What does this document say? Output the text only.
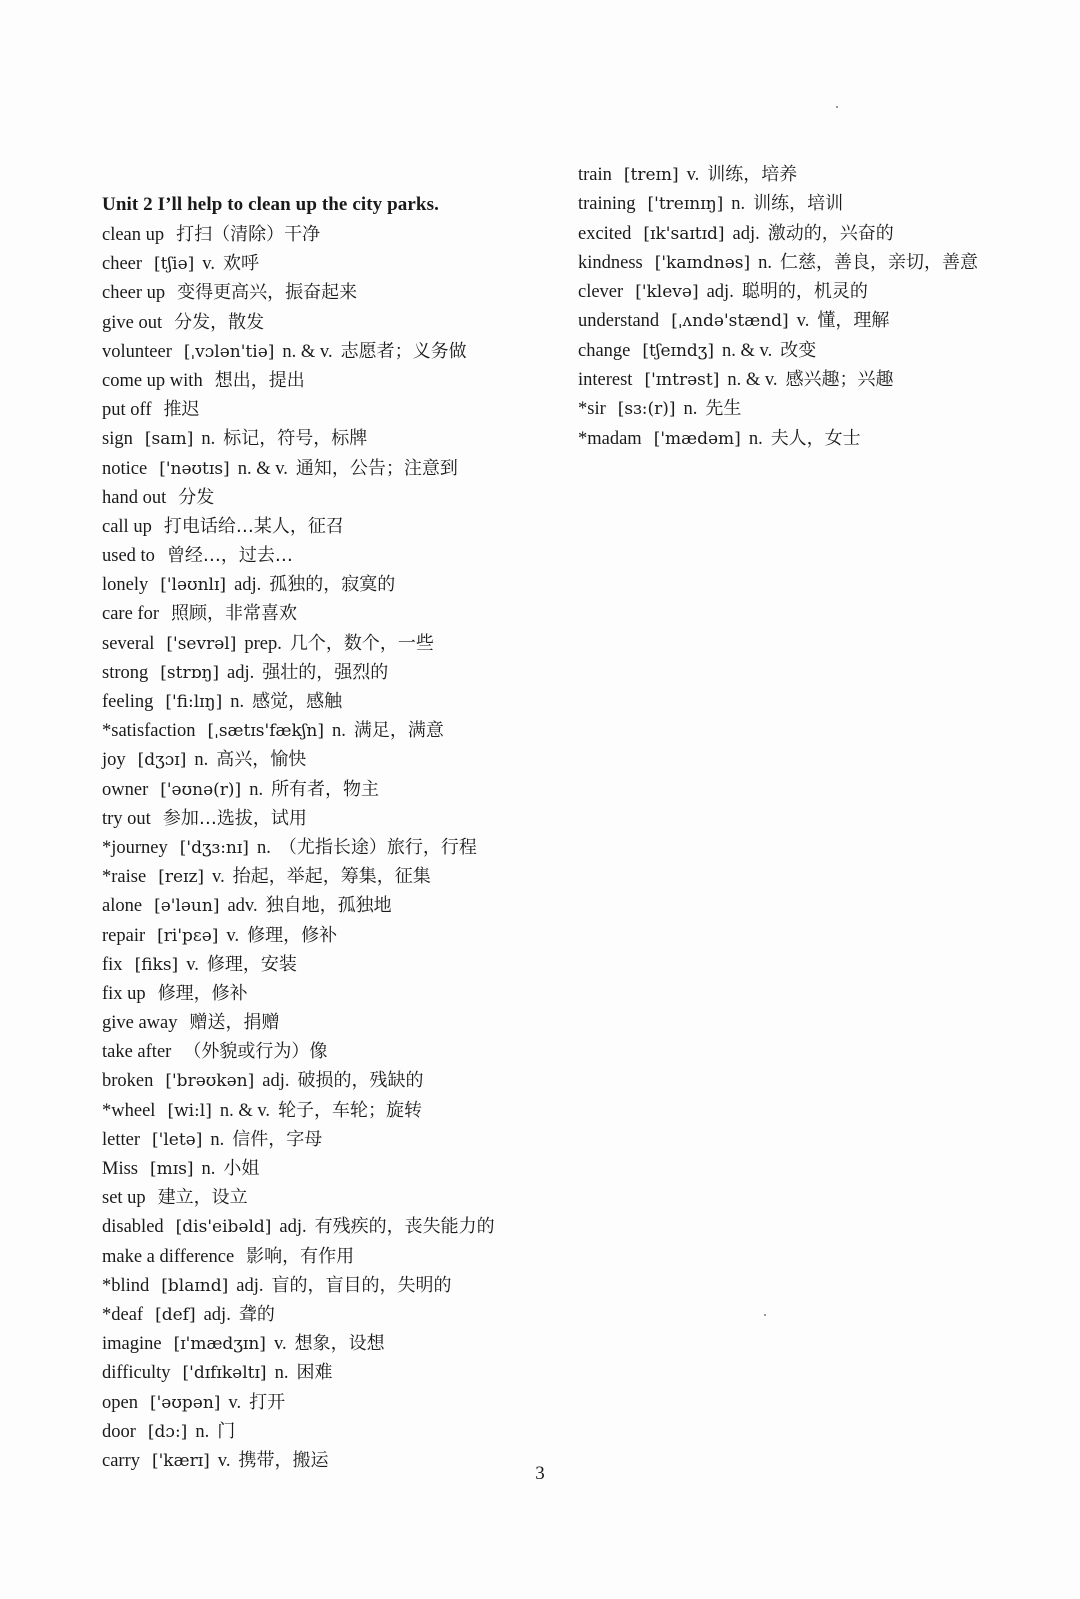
Unit 2 I’ll help to clean up the city parks.
clean up 打扫（清除）干净
cheer [tʃiə] v. 欢呼
cheer up 变得更高兴，振奋起来
give out 分发，散发
volunteer [ˌvɔlən'tiə] n. & v. 志愿者；义务做
come up with 想出，提出
put off 推迟
sign [saɪn] n. 标记，符号，标牌
notice ['nəʊtɪs] n. & v. 通知，公告；注意到
hand out 分发
call up 打电话给…某人，征召
used to 曾经…，过去…
lonely ['ləʊnlɪ] adj. 孤独的，寂寞的
care for 照顾，非常喜欢
several ['sevrəl] prep. 几个，数个，一些
strong [strɒŋ] adj. 强壮的，强烈的
feeling ['fi:lɪŋ] n. 感觉，感触
*satisfaction [ˌsætɪs'fækʃn] n. 满足，满意
joy [dʒɔɪ] n. 高兴，愉快
owner ['əʊnə(r)] n. 所有者，物主
try out 参加…选拔，试用
*journey ['dʒɜ:nɪ] n. （尤指长途）旅行，行程
*raise [reɪz] v. 抬起，举起，筹集，征集
alone [ə'ləun] adv. 独自地，孤独地
repair [ri'pɛə] v. 修理，修补
fix [fiks] v. 修理，安装
fix up 修理，修补
give away 赠送，捐赠
take after （外貌或行为）像
broken ['brəʊkən] adj. 破损的，残缺的
*wheel [wi:l] n. & v. 轮子，车轮；旋转
letter ['letə] n. 信件，字母
Miss [mɪs] n. 小姐
set up 建立，设立
disabled [dis'eibəld] adj. 有残疾的，丧失能力的
make a difference 影响，有作用
*blind [blaɪnd] adj. 盲的，盲目的，失明的
*deaf [def] adj. 聋的
imagine [ɪ'mædʒɪn] v. 想象，设想
difficulty ['dɪfɪkəltɪ] n. 困难
open ['əʊpən] v. 打开
door [dɔ:] n. 门
carry ['kærɪ] v. 携带，搬运
train [treɪn] v. 训练，培养
training ['treɪnɪŋ] n. 训练，培训
excited [ɪk'saɪtɪd] adj. 激动的，兴奋的
kindness ['kaɪndnəs] n. 仁慈，善良，亲切，善意
clever ['klevə] adj. 聪明的，机灵的
understand [ˌʌndə'stænd] v. 懂，理解
change [tʃeɪndʒ] n. & v. 改变
interest ['ɪntrəst] n. & v. 感兴趣；兴趣
*sir [sɜ:(r)] n. 先生
*madam ['mædəm] n. 夫人，女士
3
